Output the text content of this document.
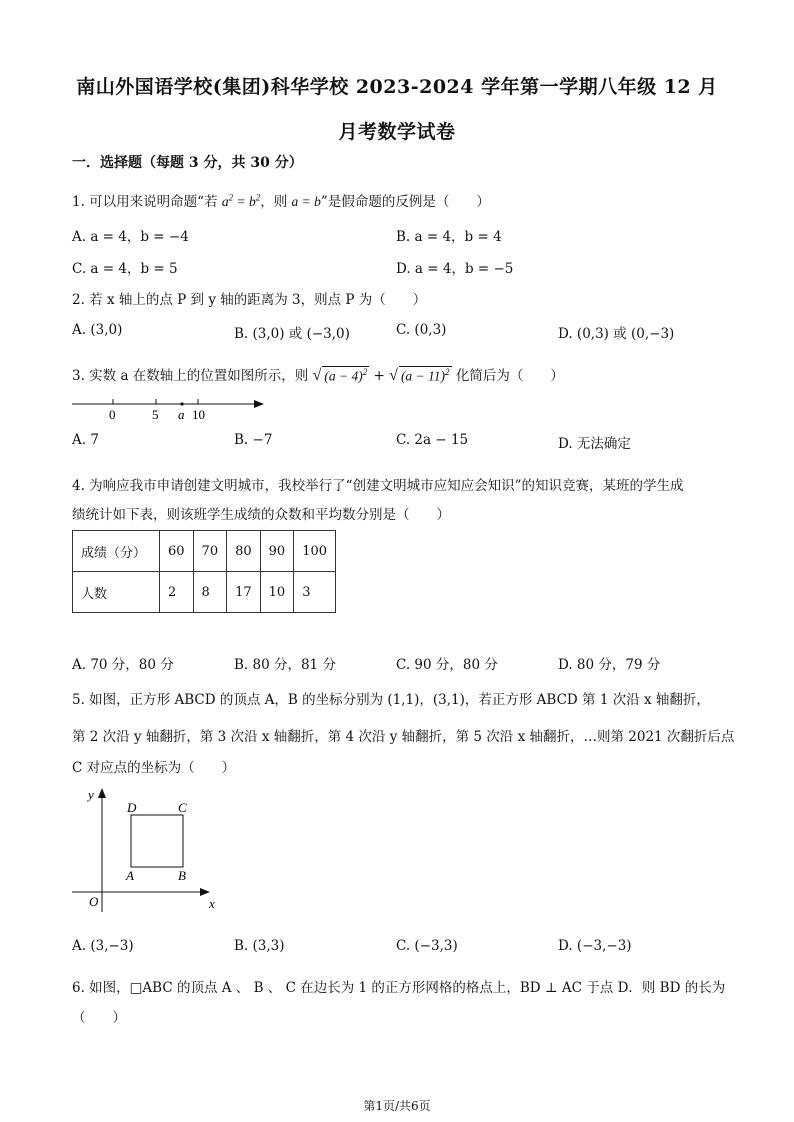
南山外国语学校(集团)科华学校 2023-2024 学年第一学期八年级 12 月
月考数学试卷
一．选择题（每题 3 分，共 30 分）
1. 可以用来说明命题“若 $a^2 = b^2$，则 a = b”是假命题的反例是（　　）
A. a = 4，b = −4	B. a = 4，b = 4
C. a = 4，b = 5	D. a = 4，b = −5
2. 若 x 轴上的点 P 到 y 轴的距离为 3，则点 P 为（　　）
A. (3,0)	B. (3,0) 或 (−3,0)	C. (0,3)	D. (0,3) 或 (0,−3)
3. 实数 a 在数轴上的位置如图所示，则 √ $(a - 4)^2$ + √ $(a - 11)^2$ 化简后为（　　）
0	5 a 10
A. 7	B. −7	C. 2a − 15	D. 无法确定
4. 为响应我市申请创建文明城市，我校举行了“创建文明城市应知应会知识”的知识竞赛，某班的学生成
绩统计如下表，则该班学生成绩的众数和平均数分别是（　　）
成绩（分）	60	70	80	90	100
人数	2	8	17	10	3
A. 70 分，80 分	B. 80 分，81 分	C. 90 分，80 分	D. 80 分，79 分
5. 如图，正方形 ABCD 的顶点 A，B 的坐标分别为 (1,1)，(3,1)，若正方形 ABCD 第 1 次沿 x 轴翻折，
第 2 次沿 y 轴翻折，第 3 次沿 x 轴翻折，第 4 次沿 y 轴翻折，第 5 次沿 x 轴翻折，…则第 2021 次翻折后点
C 对应点的坐标为（　　）
y
x
O
A	B
C
D
A. (3,−3)	B. (3,3)	C. (−3,3)	D. (−3,−3)
6. 如图，□ABC 的顶点 A 、 B 、 C 在边长为 1 的正方形网格的格点上，BD ⊥ AC 于点 D．则 BD 的长为
（　　）
第1页/共6页
